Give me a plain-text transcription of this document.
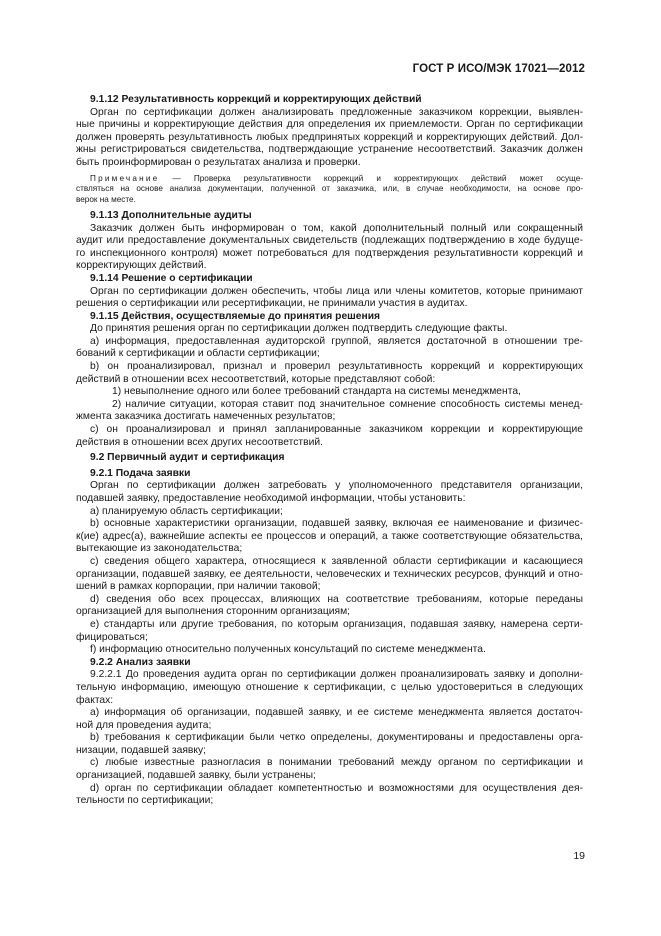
ГОСТ Р ИСО/МЭК 17021—2012
9.1.12 Результативность коррекций и корректирующих действий
Орган по сертификации должен анализировать предложенные заказчиком коррекции, выявлен-
ные причины и корректирующие действия для определения их приемлемости. Орган по сертификации
должен проверять результативность любых предпринятых коррекций и корректирующих действий. Дол-
жны регистрироваться свидетельства, подтверждающие устранение несоответствий. Заказчик должен
быть проинформирован о результатах анализа и проверки.
Примечание — Проверка результативности коррекций и корректирующих действий может осуще-
ствляться на основе анализа документации, полученной от заказчика, или, в случае необходимости, на основе про-
верок на месте.
9.1.13 Дополнительные аудиты
Заказчик должен быть информирован о том, какой дополнительный полный или сокращенный
аудит или предоставление документальных свидетельств (подлежащих подтверждению в ходе будуще-
го инспекционного контроля) может потребоваться для подтверждения результативности коррекций и
корректирующих действий.
9.1.14 Решение о сертификации
Орган по сертификации должен обеспечить, чтобы лица или члены комитетов, которые принимают
решения о сертификации или ресертификации, не принимали участия в аудитах.
9.1.15 Действия, осуществляемые до принятия решения
До принятия решения орган по сертификации должен подтвердить следующие факты.
а) информация, предоставленная аудиторской группой, является достаточной в отношении тре-
бований к сертификации и области сертификации;
b) он проанализировал, признал и проверил результативность коррекций и корректирующих
действий в отношении всех несоответствий, которые представляют собой:
1) невыполнение одного или более требований стандарта на системы менеджмента,
2) наличие ситуации, которая ставит под значительное сомнение способность системы менед-
жмента заказчика достигать намеченных результатов;
с) он проанализировал и принял запланированные заказчиком коррекции и корректирующие
действия в отношении всех других несоответствий.
9.2 Первичный аудит и сертификация
9.2.1 Подача заявки
Орган по сертификации должен затребовать у уполномоченного представителя организации,
подавшей заявку, предоставление необходимой информации, чтобы установить:
а) планируемую область сертификации;
b) основные характеристики организации, подавшей заявку, включая ее наименование и физичес-
к(ие) адрес(а), важнейшие аспекты ее процессов и операций, а также соответствующие обязательства,
вытекающие из законодательства;
с) сведения общего характера, относящиеся к заявленной области сертификации и касающиеся
организации, подавшей заявку, ее деятельности, человеческих и технических ресурсов, функций и отно-
шений в рамках корпорации, при наличии таковой;
d) сведения обо всех процессах, влияющих на соответствие требованиям, которые переданы
организацией для выполнения сторонним организациям;
е) стандарты или другие требования, по которым организация, подавшая заявку, намерена серти-
фицироваться;
f) информацию относительно полученных консультаций по системе менеджмента.
9.2.2 Анализ заявки
9.2.2.1 До проведения аудита орган по сертификации должен проанализировать заявку и дополни-
тельную информацию, имеющую отношение к сертификации, с целью удостовериться в следующих
фактах:
а) информация об организации, подавшей заявку, и ее системе менеджмента является достаточ-
ной для проведения аудита;
b) требования к сертификации были четко определены, документированы и предоставлены орга-
низации, подавшей заявку;
с) любые известные разногласия в понимании требований между органом по сертификации и
организацией, подавшей заявку, были устранены;
d) орган по сертификации обладает компетентностью и возможностями для осуществления дея-
тельности по сертификации;
19
